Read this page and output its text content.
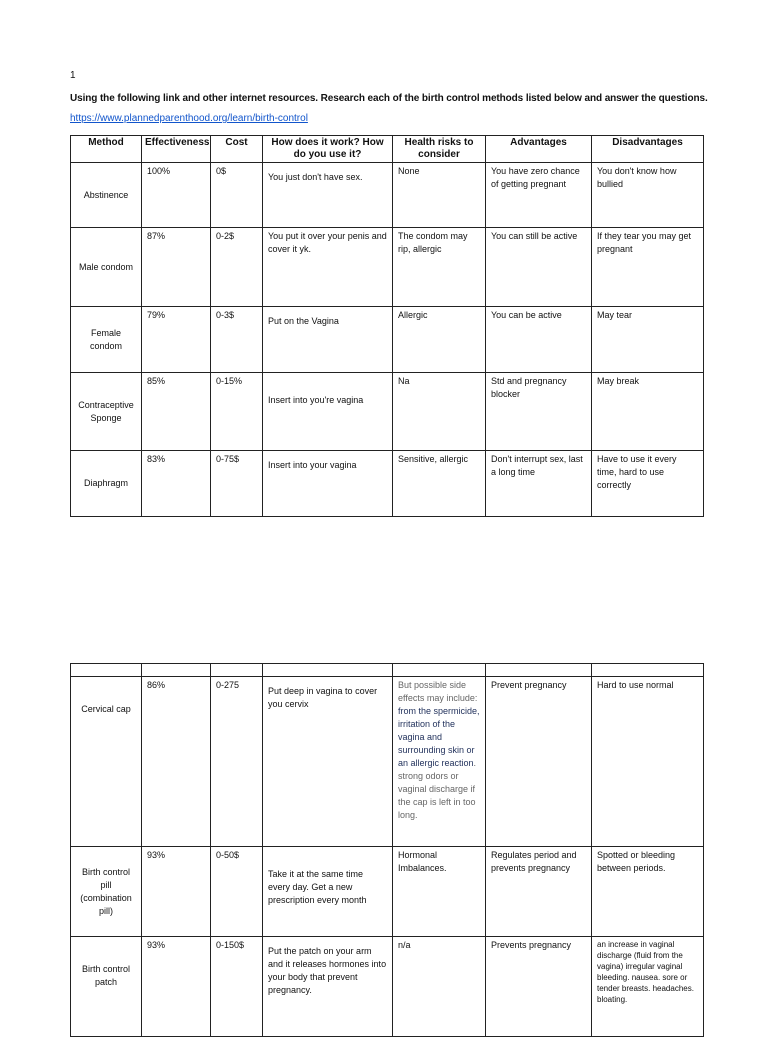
1
Using the following link and other internet resources. Research each of the birth control methods listed below and answer the questions.
https://www.plannedparenthood.org/learn/birth-control
Method	Effectiveness	Cost	How does it work? How do you use it?	Health risks to consider	Advantages	Disadvantages
Abstinence	100%	0$	You just don't have sex.	None	You have zero chance of getting pregnant	You don't know how bullied
Male condom	87%	0-2$	You put it over your penis and cover it yk.	The condom may rip, allergic	You can still be active	If they tear you may get pregnant
Female condom	79%	0-3$	Put on the Vagina	Allergic	You can be active	May tear
Contraceptive Sponge	85%	0-15%	Insert into you're vagina	Na	Std and pregnancy blocker	May break
Diaphragm	83%	0-75$	Insert into your vagina	Sensitive, allergic	Don't interrupt sex, last a long time	Have to use it every time, hard to use correctly

Cervical cap	86%	0-275	Put deep in vagina to cover you cervix	But possible side effects may include: from the spermicide, irritation of the vagina and surrounding skin or an allergic reaction. strong odors or vaginal discharge if the cap is left in too long.	Prevent pregnancy	Hard to use normal
Birth control pill (combination pill)	93%	0-50$	Take it at the same time every day. Get a new prescription every month	Hormonal Imbalances.	Regulates period and prevents pregnancy	Spotted or bleeding between periods.
Birth control patch	93%	0-150$	Put the patch on your arm and it releases hormones into your body that prevent pregnancy.	n/a	Prevents pregnancy	an increase in vaginal discharge (fluid from the vagina) irregular vaginal bleeding. nausea. sore or tender breasts. headaches. bloating.
